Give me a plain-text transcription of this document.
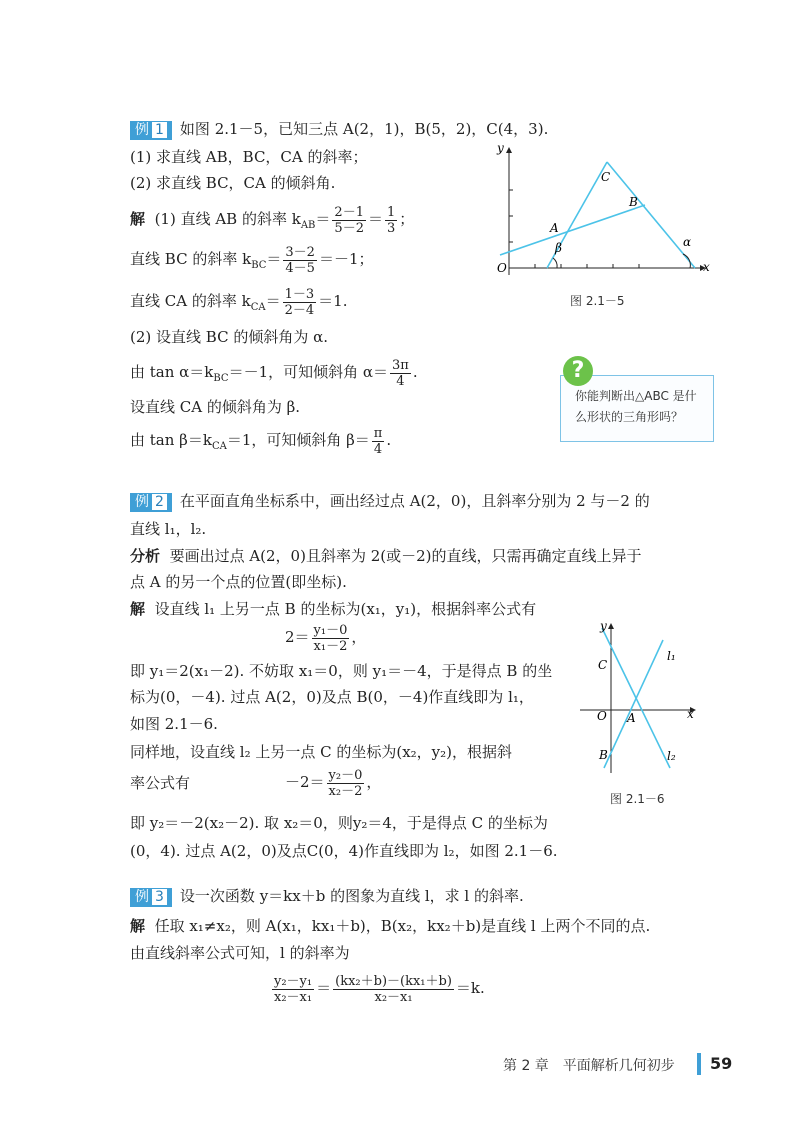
例 1 如图 2.1－5，已知三点 A(2，1)，B(5，2)，C(4，3).
(1) 求直线 AB，BC，CA 的斜率；
(2) 求直线 BC，CA 的倾斜角.
解 (1) 直线 AB 的斜率 $k_{AB}= \frac{2-1}{5-2} = \frac{1}{3}$ ；
直线 BC 的斜率 $k_{BC}= \frac{3-2}{4-5} =-1$；
直线 CA 的斜率 $k_{CA}= \frac{1-3}{2-4} =1$.
(2) 设直线 BC 的倾斜角为 α.
由 $\tan \alpha=k_{BC}=-1$，可知倾斜角 $\alpha= \frac{3\pi}{4}$ .
设直线 CA 的倾斜角为 β.
由 $\tan \beta=k_{CA}=1$，可知倾斜角 $\beta= \frac{\pi}{4}$ .
y
x
O
A
B
C
β	α
图 2.1－5
你能判断出△ABC 是什么形状的三角形吗？
?
例 2 在平面直角坐标系中，画出经过点 A(2，0)，且斜率分别为 2 与－2 的
直线 l₁，l₂.
分析 要画出过点 A(2，0)且斜率为 2(或－2)的直线，只需再确定直线上异于
点 A 的另一个点的位置(即坐标).
解 设直线 l₁ 上另一点 B 的坐标为(x₁，y₁)，根据斜率公式有
$2= \frac{\text{y₁－0}}{\text{x₁－2}}$ ，
即 y₁＝2(x₁－2). 不妨取 x₁＝0，则 y₁＝－4，于是得点 B 的坐
标为(0，－4). 过点 A(2，0)及点 B(0，－4)作直线即为 l₁，
如图 2.1－6.
同样地，设直线 l₂ 上另一点 C 的坐标为(x₂，y₂)，根据斜
率公式有	$-2= \frac{\text{y₂－0}}{\text{x₂－2}}$ ，
即 y₂＝－2(x₂－2). 取 x₂＝0，则y₂＝4，于是得点 C 的坐标为
(0，4). 过点 A(2，0)及点C(0，4)作直线即为 l₂，如图 2.1－6.
y
x
O A
B
C
l₁
l₂
图 2.1－6
例 3 设一次函数 y＝kx＋b 的图象为直线 l，求 l 的斜率.
解 任取 x₁≠x₂，则 A(x₁，kx₁＋b)，B(x₂，kx₂＋b)是直线 l 上两个不同的点.
由直线斜率公式可知，l 的斜率为
$\frac{\text{y₂－y₁}}{\text{x₂－x₁}} = \frac{\text{(kx₂＋b)－(kx₁＋b)}}{\text{x₂－x₁}} =k$.
第 2 章　平面解析几何初步 59
